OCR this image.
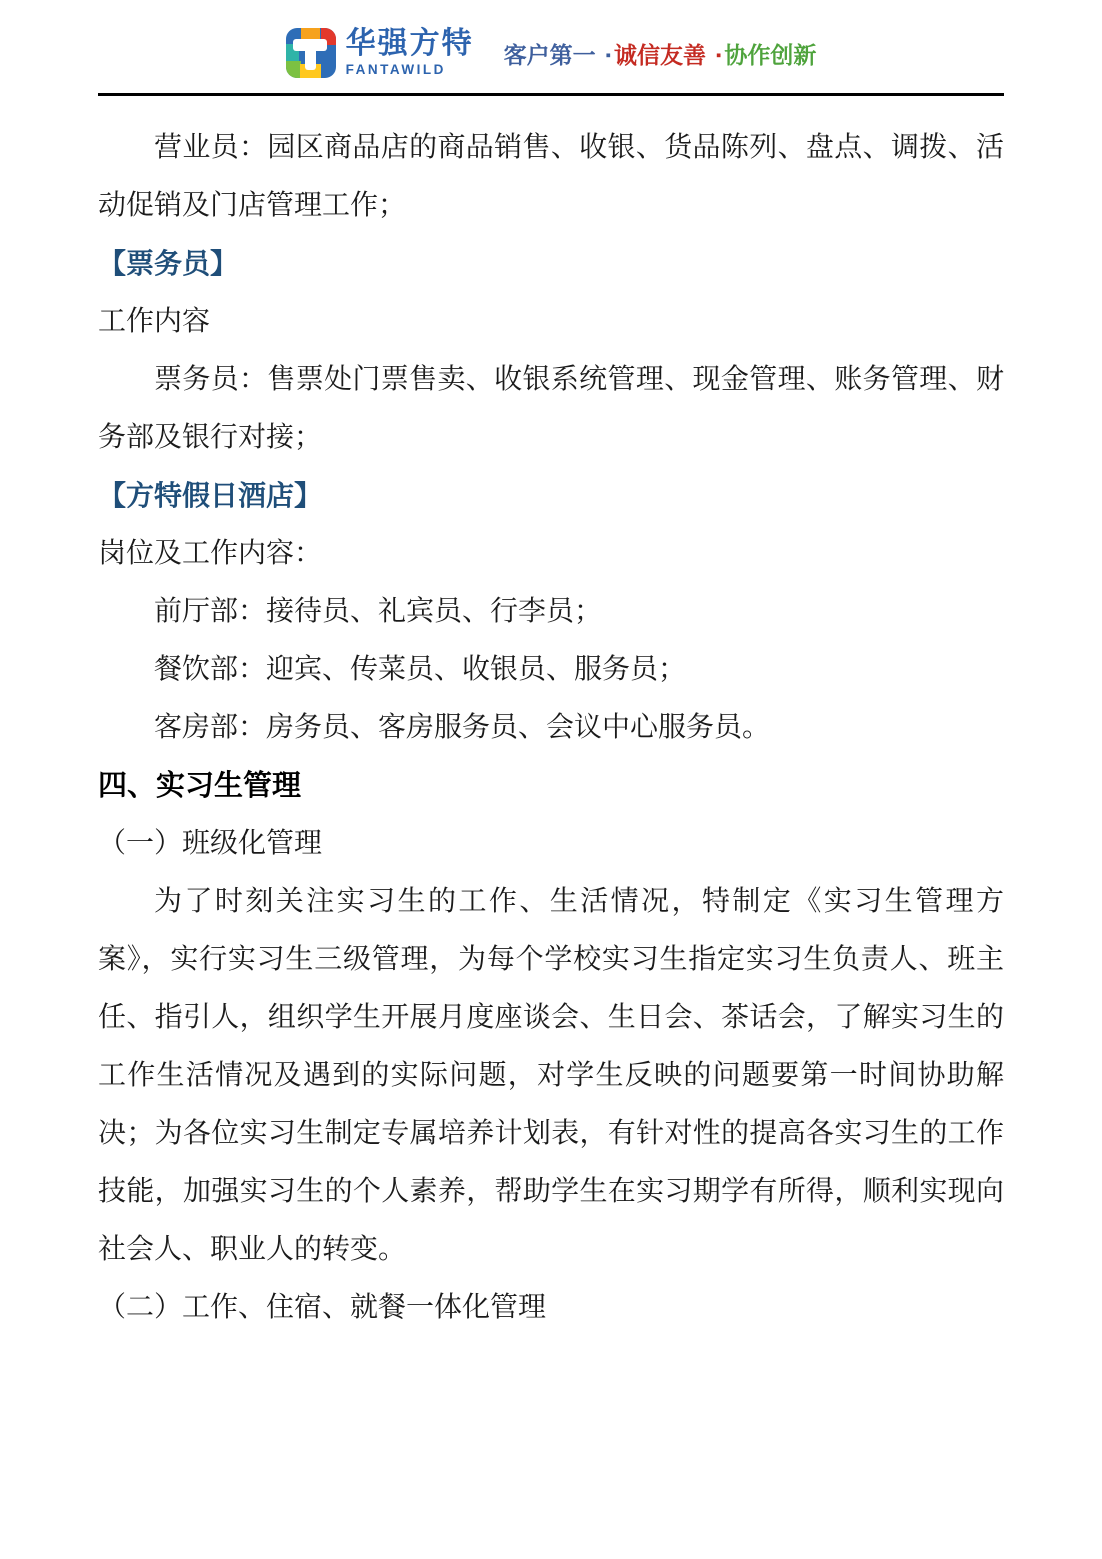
华强方特
FANTAWILD
客户第一 ▪ 诚信友善 ▪ 协作创新

营业员：园区商品店的商品销售、收银、货品陈列、盘点、调拨、活动促销及门店管理工作；

【票务员】

工作内容

票务员：售票处门票售卖、收银系统管理、现金管理、账务管理、财务部及银行对接；

【方特假日酒店】

岗位及工作内容：

前厅部：接待员、礼宾员、行李员；

餐饮部：迎宾、传菜员、收银员、服务员；

客房部：房务员、客房服务员、会议中心服务员。

四、实习生管理

（一）班级化管理

为了时刻关注实习生的工作、生活情况，特制定《实习生管理方案》，实行实习生三级管理，为每个学校实习生指定实习生负责人、班主任、指引人，组织学生开展月度座谈会、生日会、茶话会，了解实习生的工作生活情况及遇到的实际问题，对学生反映的问题要第一时间协助解决；为各位实习生制定专属培养计划表，有针对性的提高各实习生的工作技能，加强实习生的个人素养，帮助学生在实习期学有所得，顺利实现向社会人、职业人的转变。

（二）工作、住宿、就餐一体化管理
